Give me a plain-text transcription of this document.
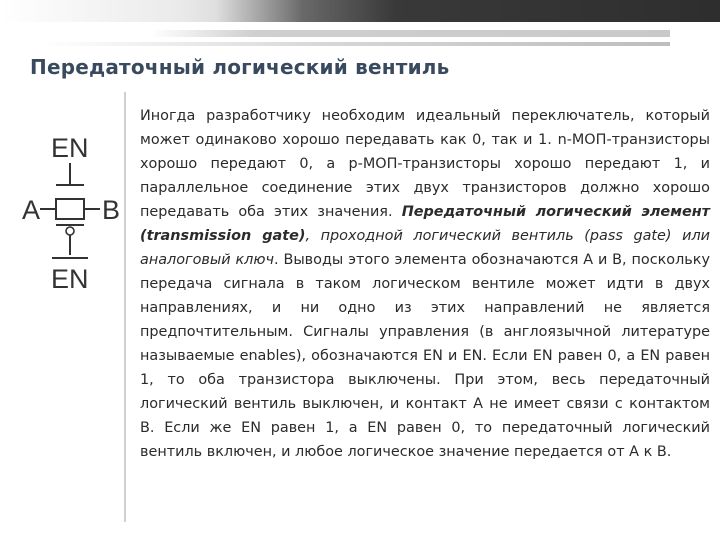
Передаточный логический вентиль
EN
A B
EN

Иногда разработчику необходим идеальный переключатель, который может одинаково хорошо передавать как 0, так и 1. n-МОП-транзисторы хорошо передают 0, а p-МОП-транзисторы хорошо передают 1, и параллельное соединение этих двух транзисторов должно хорошо передавать оба этих значения. Передаточный логический элемент (transmission gate), проходной логический вентиль (pass gate) или аналоговый ключ. Выводы этого элемента обозначаются A и B, поскольку передача сигнала в таком логическом вентиле может идти в двух направлениях, и ни одно из этих направлений не является предпочтительным. Сигналы управления (в англоязычной литературе называемые enables), обозначаются EN и EN. Если EN равен 0, а EN равен 1, то оба транзистора выключены. При этом, весь передаточный логический вентиль выключен, и контакт A не имеет связи с контактом B. Если же EN равен 1, а EN равен 0, то передаточный логический вентиль включен, и любое логическое значение передается от A к B.
